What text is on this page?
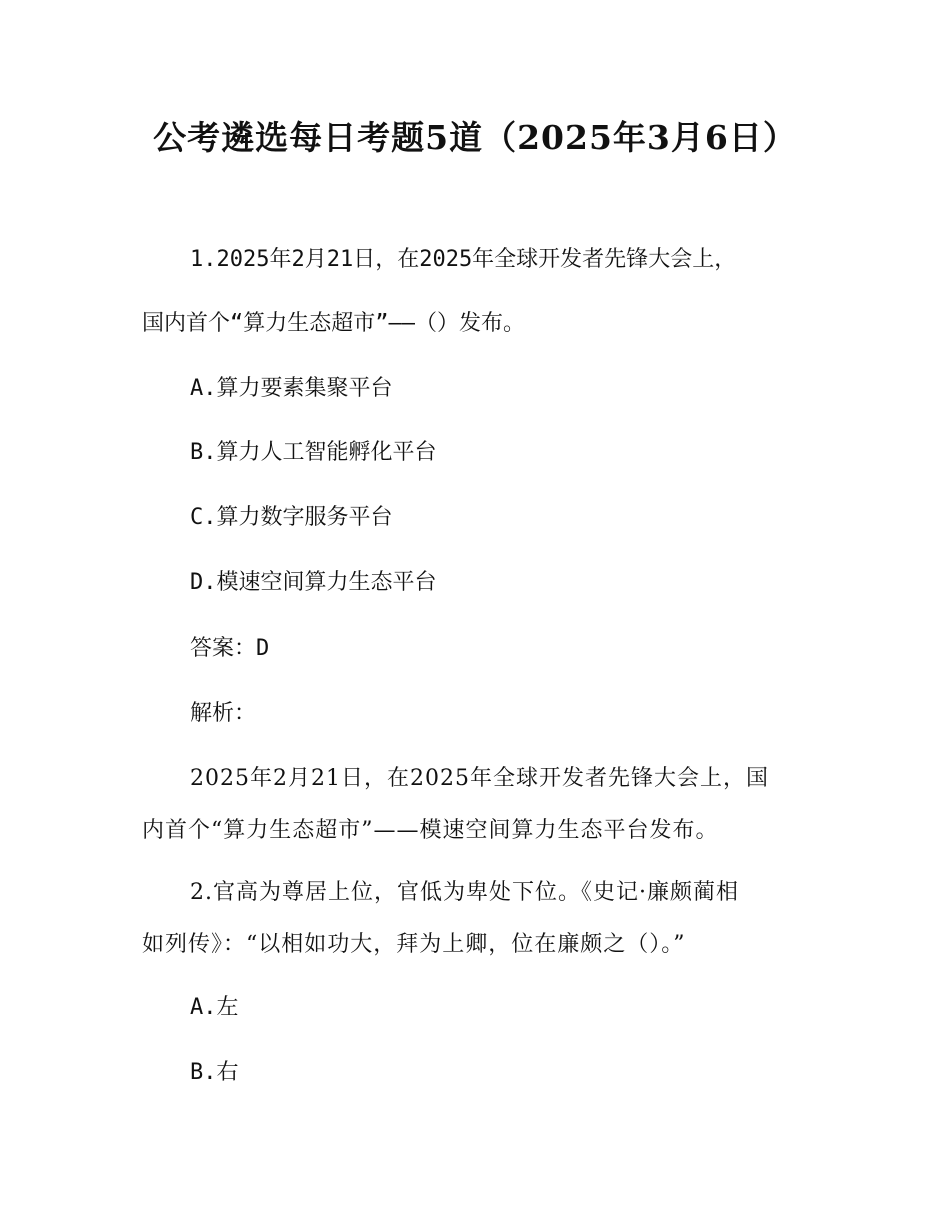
公考遴选每日考题5道（2025年3月6日）

1.2025年2月21日，在2025年全球开发者先锋大会上，

国内首个“算力生态超市”——（）发布。

A.算力要素集聚平台

B.算力人工智能孵化平台

C.算力数字服务平台

D.模速空间算力生态平台

答案：D

解析：

2025年2月21日，在2025年全球开发者先锋大会上，国

内首个“算力生态超市”——模速空间算力生态平台发布。

2.官高为尊居上位，官低为卑处下位。《史记·廉颇蔺相

如列传》：“以相如功大，拜为上卿，位在廉颇之（）。”

A.左

B.右
